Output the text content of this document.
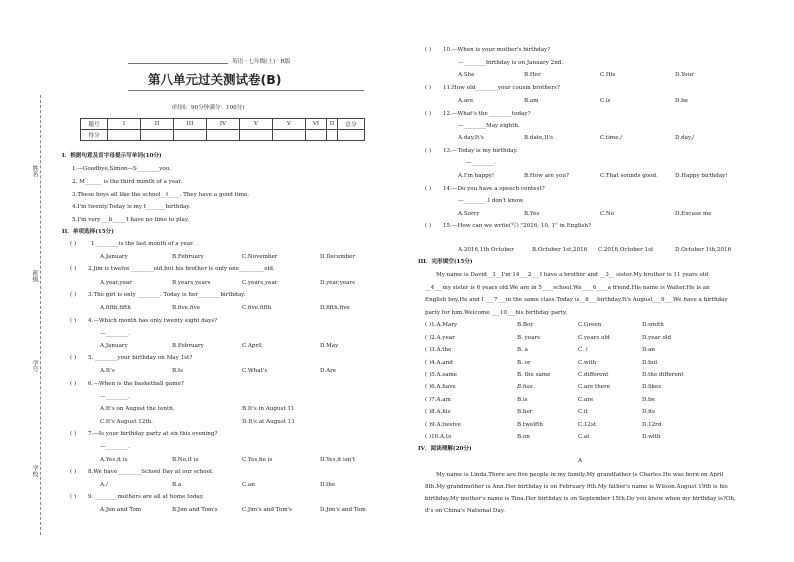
姓名
班级
学号
学校
英语 · 七年级(上) · R版
第八单元过关测试卷(B)
(时间：90分钟满分：100分)
题号	I	II	III	IV	V	V	VI	II	总分
得分									
I．根据句意及首字母提示写单词(10分)
1.—Goodbye,Simon—S________you.
2. M______ is the third month of a year.
3.These boys all like the school__t____. They have a good time.
4.I'm twenty.Today is my t_______birthday.
5.I'm very___b_____I have no time to play.
II．单项选择(15分)
( )	1 ________is the last month of a year.
A.January	B.February	C.November	D.December
( ) 2.Jim is twelve ________old,but his brother is only one_________old.
A.year,year	B.years,years	C.years,year	D.year,years
( ) 3.The girl is only ________. Today is her________birthday.
A.fifth,fifth	B.five,five	C.five,fifth	D.fifth,five
( ) 4.—Which month has only twenty eight days?
—________.
A.January	B.February	C.April	D.May
( ) 5. ________your birthday on May 1st?
A.It's	B.Is	C.What's	D.Are
( ) 6.—When is the basketball game?
—________.
A.It's on August the tenth.	B.It's in August 11
C.It's August 12th.	D.It's at August 11
( ) 7.—Is your birthday party at six this evening?
—________.
A.Yes,it is	B.No,it is	C.Yes,he is	D.Yes,it isn't
( ) 8.We have ________School Day at our school.
A./	B.a	C.an	D.the
( ) 9. ________mothers are all at home today.
A.Jim and Tom	B.Jim and Tom's	C.Jim's and Tom's	D.Jim's and Tom
( ) 10.—When is your mother's birthday?
—________birthday is on January 2nd.
A.She	B.Her	C.His	D.Your
( ) 11.How old________your cousin brothers?
A.are	B.am	C.is	D.be
( ) 12.—What's the ________today?
—________May eighth.
A.day,It's	B.date,It's	C.time,/	D.day,/
( ) 13.—Today is my birthday.
—________.
A.I'm happy!	B.How are you?	C.That sounds good.	D.Happy birthday!
( ) 14.—Do you have a speech contest?
—________.I don't know.
A.Sorry	B.Yes	C.No	D.Excuse me
( ) 15.—How can we write(写) "2016, 10, 1" in English?
A.2016,1th October	B.October 1st,2016 C.2016,October 1st	D.October 1th,2016
III．完形填空(15分)
My name is David__1__I'm 14___2___I have a brother and __3__ sister.My brother is 11 years old
__4___my sister is 6 years old.We are in 5____school.We____6____a friend.His name is Walter.He is an
English boy.He and I ___7___in the same class.Today is__8___birthday.It's August___9___We have a birthday
party for him.Welcome ___10___his birthday party.
( )1.A.Mary	B.Boy	C.Green	D.smith
( )2.A.year	B. years	C.years old	D.year old
( )3.A.the	B. a	C. /	D.an
( )4.A.and	B. or	C.with	D.but
( )5.A.same	B. the same	C.different	D.the different
( )6.A.have	B.has	C.are there	D.likes
( )7.A.am	B.is	C.are	D.be
( )8.A.his	B.her	C.it	D.its
( )9.A.twelve	B.twelfth	C.12st	D.12rd
( )10.A.to	B.on	C.at	D.with
IV．阅读理解(20分)
A
My name is Linda.There are five people in my family.My grandfather is Charles.He was born on April
8th.My grandmother is Ann.Her birthday is on February 9th.My father's name is Wilson.August 19th is his
birthday.My mother's name is Tina.Her birthday is on September 15th.Do you know when my birthday is?Oh,
it's on China's National Day.
